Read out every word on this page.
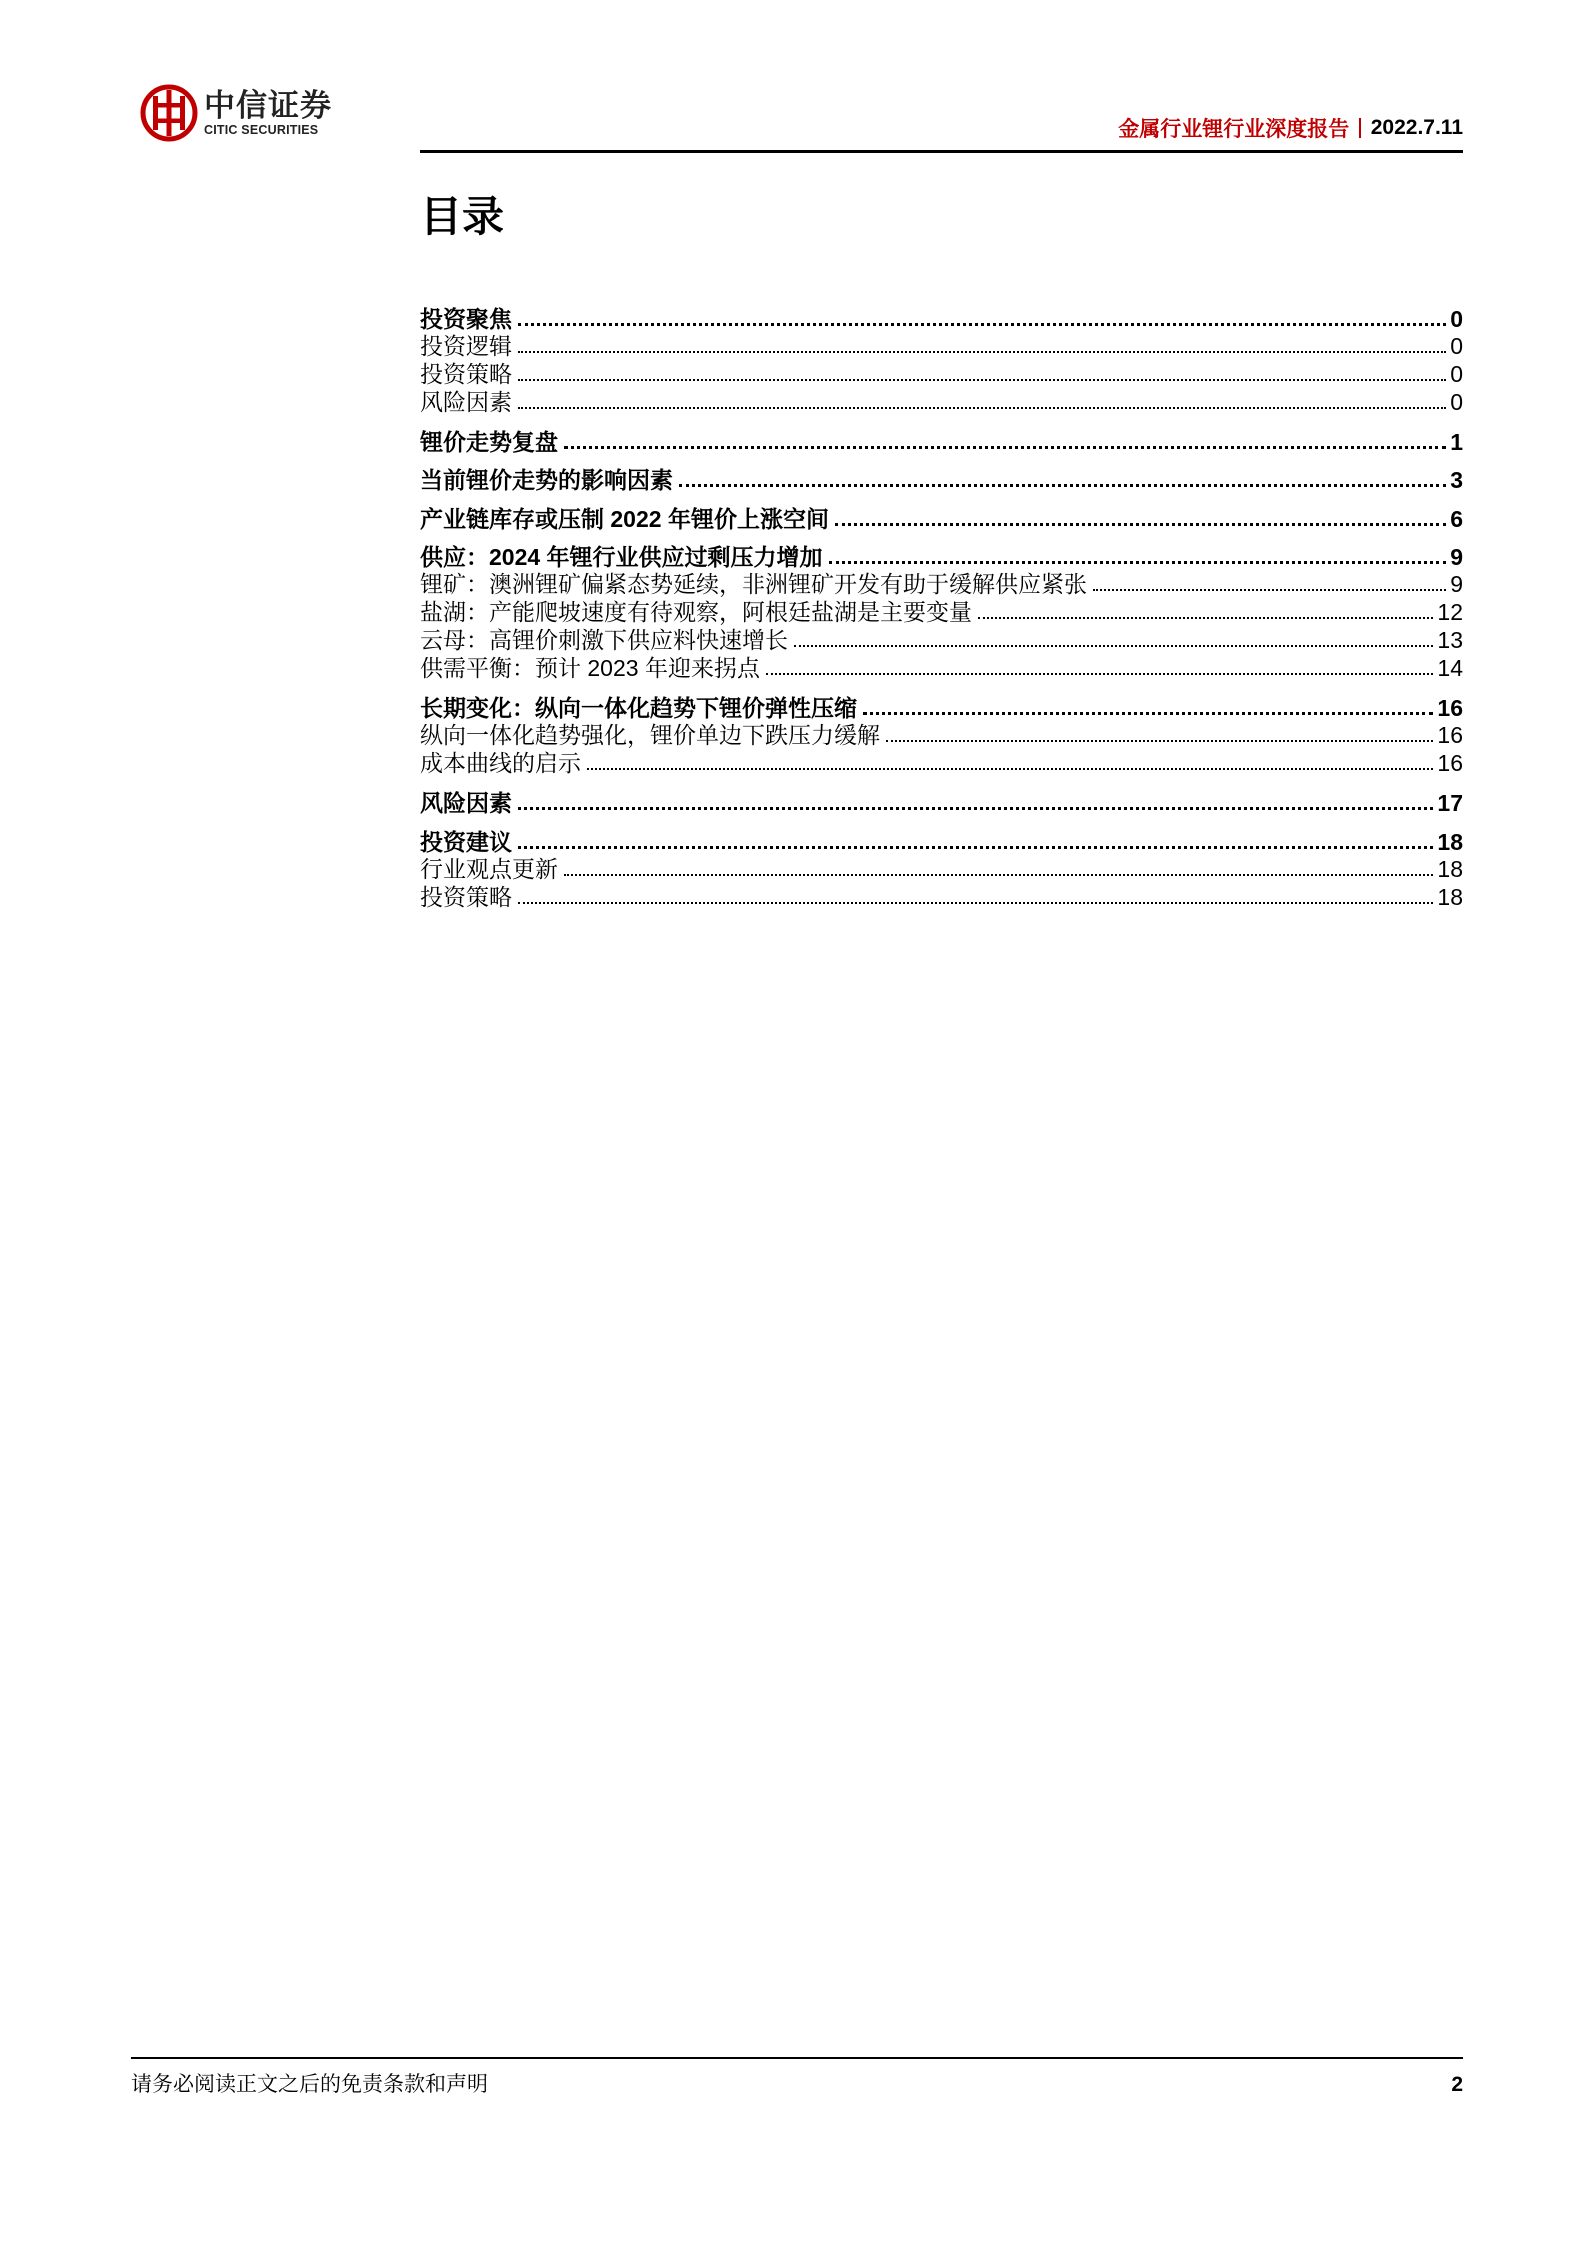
中信证券
CITIC SECURITIES	金属行业锂行业深度报告 2022.7.11
目录
投资聚焦	0
投资逻辑	0
投资策略	0
风险因素	0
锂价走势复盘	1
当前锂价走势的影响因素	3
产业链库存或压制 2022 年锂价上涨空间	6
供应：2024 年锂行业供应过剩压力增加	9
锂矿：澳洲锂矿偏紧态势延续，非洲锂矿开发有助于缓解供应紧张	9
盐湖：产能爬坡速度有待观察，阿根廷盐湖是主要变量	12
云母：高锂价刺激下供应料快速增长	13
供需平衡：预计 2023 年迎来拐点	14
长期变化：纵向一体化趋势下锂价弹性压缩	16
纵向一体化趋势强化，锂价单边下跌压力缓解	16
成本曲线的启示	16
风险因素	17
投资建议	18
行业观点更新	18
投资策略	18
请务必阅读正文之后的免责条款和声明	2
